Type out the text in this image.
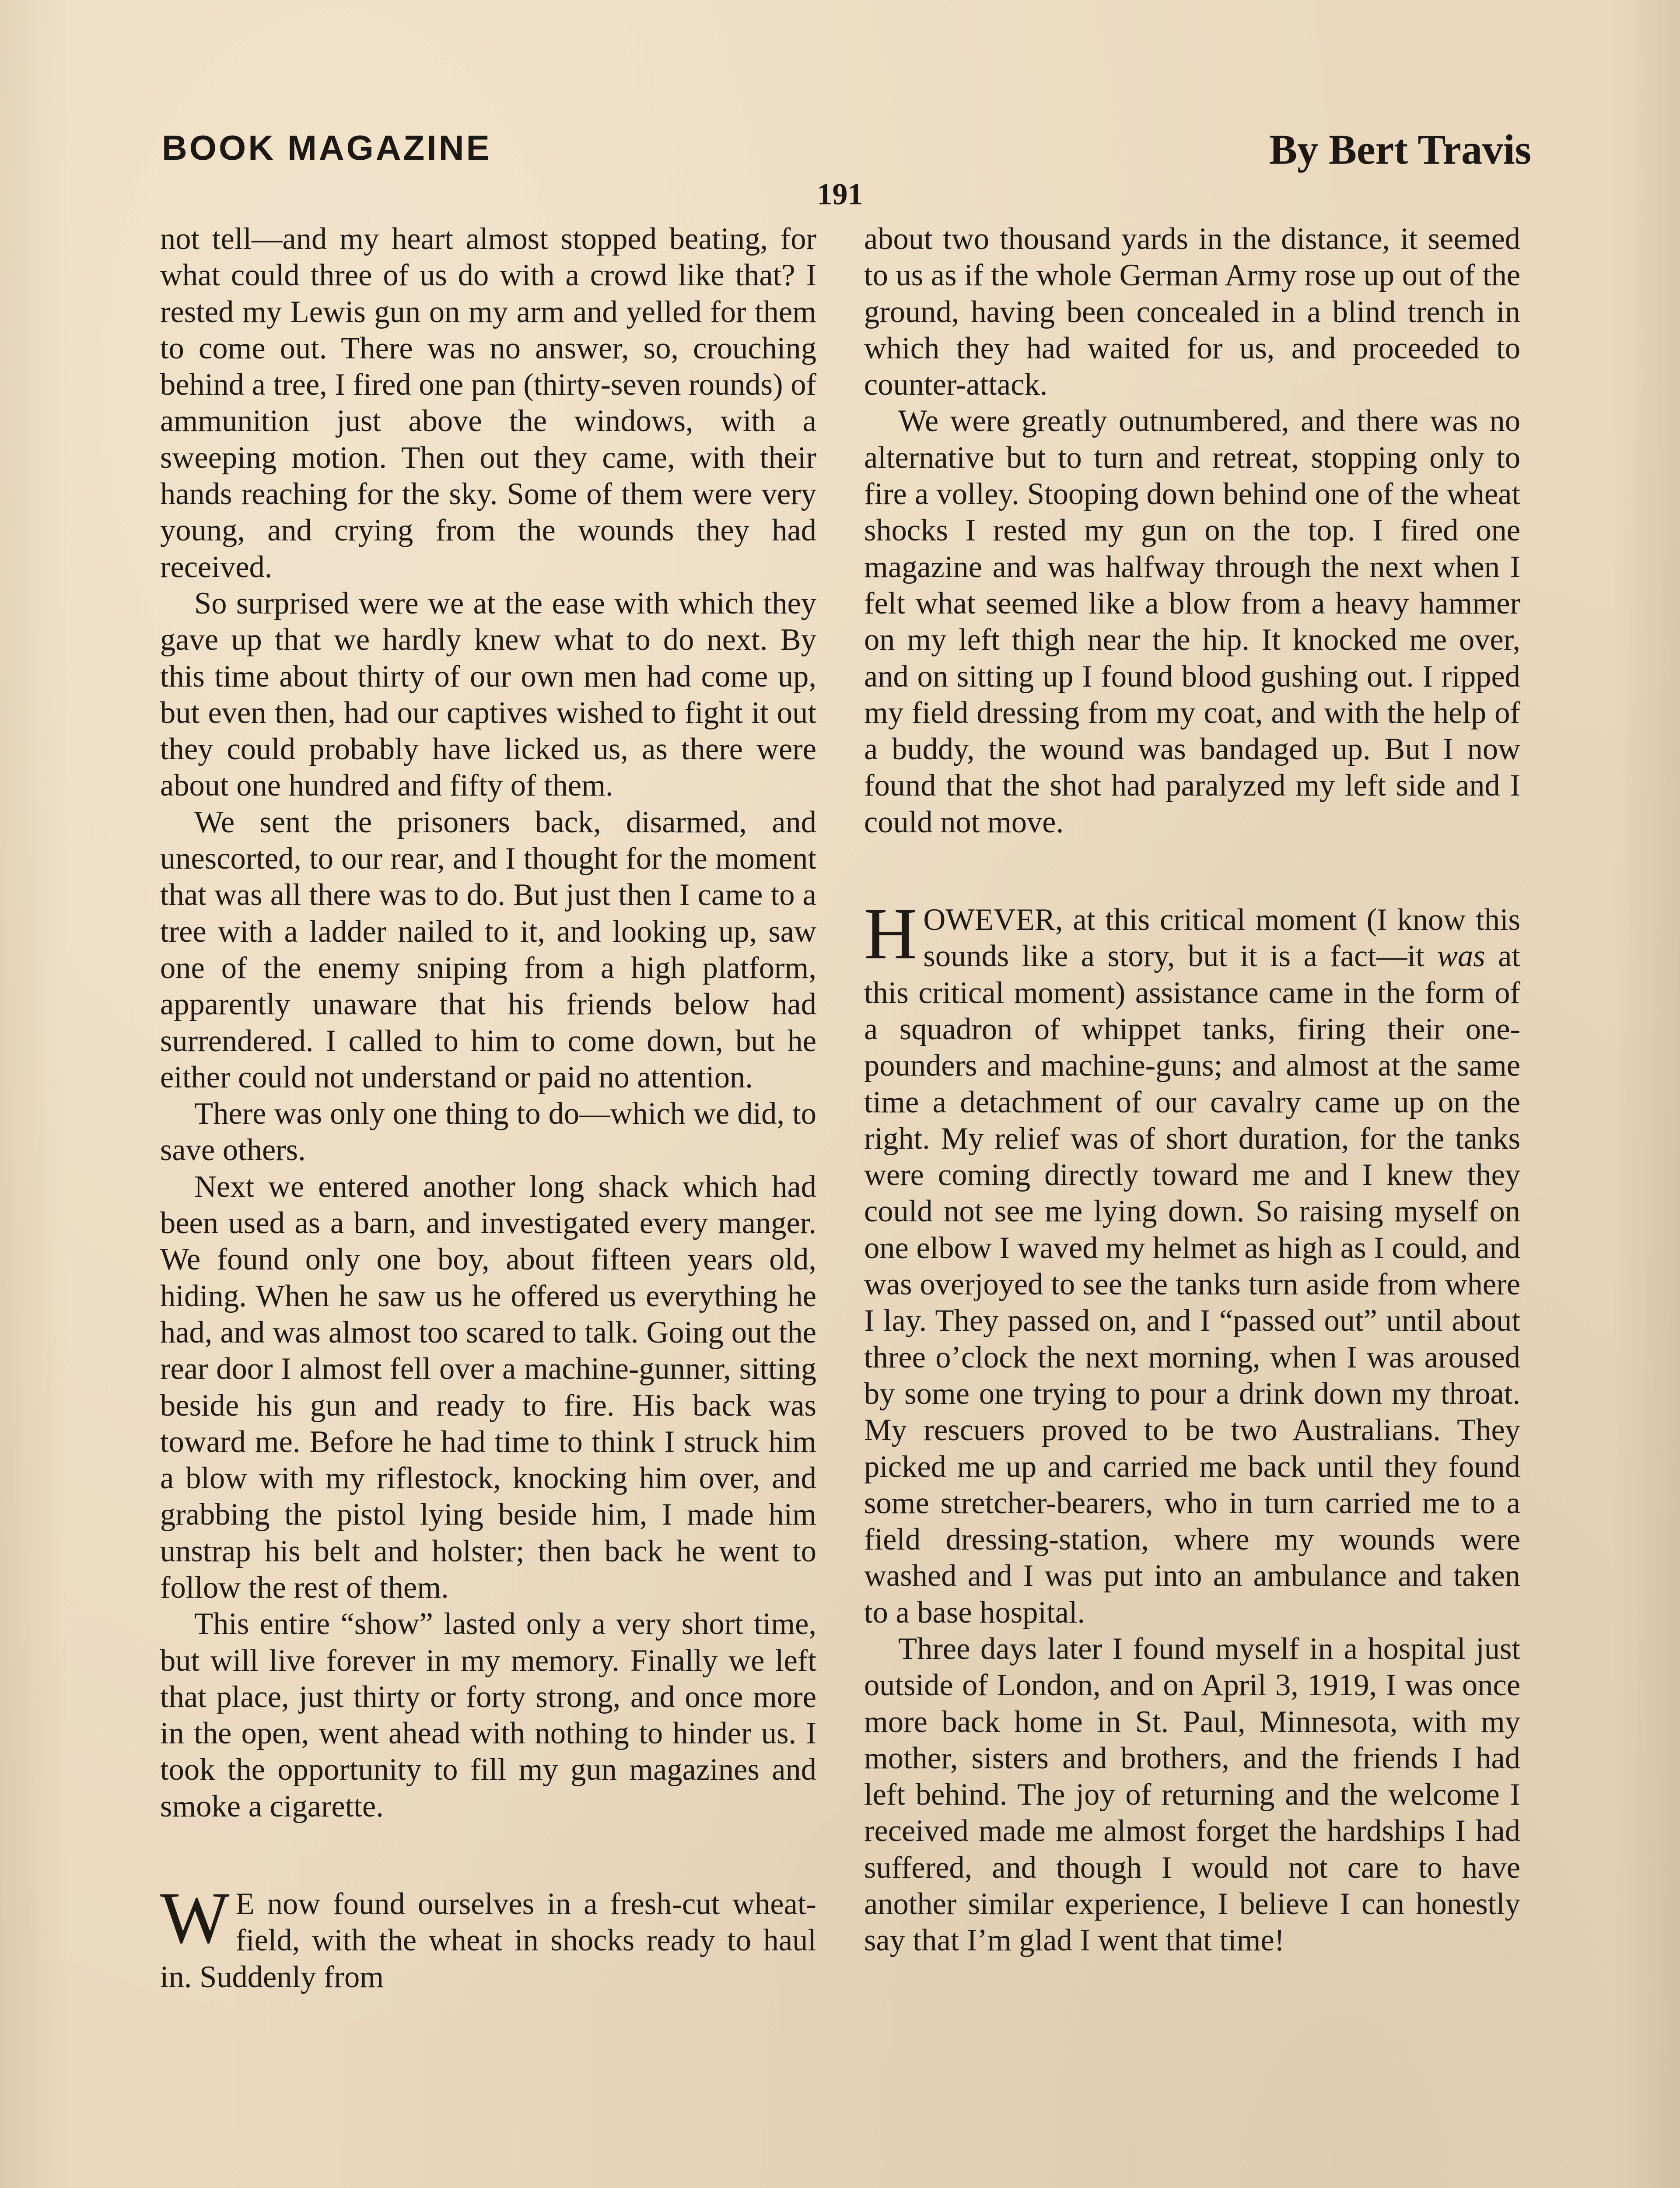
BOOK MAGAZINE	By Bert Travis
191

not tell—and my heart almost stopped beating, for what could three of us do with a crowd like that? I rested my Lewis gun on my arm and yelled for them to come out. There was no answer, so, crouching behind a tree, I fired one pan (thirty-seven rounds) of ammunition just above the windows, with a sweeping motion. Then out they came, with their hands reaching for the sky. Some of them were very young, and crying from the wounds they had received.

So surprised were we at the ease with which they gave up that we hardly knew what to do next. By this time about thirty of our own men had come up, but even then, had our captives wished to fight it out they could probably have licked us, as there were about one hundred and fifty of them.

We sent the prisoners back, disarmed, and unescorted, to our rear, and I thought for the moment that was all there was to do. But just then I came to a tree with a ladder nailed to it, and looking up, saw one of the enemy sniping from a high platform, apparently unaware that his friends below had surrendered. I called to him to come down, but he either could not understand or paid no attention.

There was only one thing to do—which we did, to save others.

Next we entered another long shack which had been used as a barn, and investigated every manger. We found only one boy, about fifteen years old, hiding. When he saw us he offered us everything he had, and was almost too scared to talk. Going out the rear door I almost fell over a machine-gunner, sitting beside his gun and ready to fire. His back was toward me. Before he had time to think I struck him a blow with my riflestock, knocking him over, and grabbing the pistol lying beside him, I made him unstrap his belt and holster; then back he went to follow the rest of them.

This entire “show” lasted only a very short time, but will live forever in my memory. Finally we left that place, just thirty or forty strong, and once more in the open, went ahead with nothing to hinder us. I took the opportunity to fill my gun magazines and smoke a cigarette.

W E now found ourselves in a fresh-cut wheat-field, with the wheat in shocks ready to haul in. Suddenly from

about two thousand yards in the distance, it seemed to us as if the whole German Army rose up out of the ground, having been concealed in a blind trench in which they had waited for us, and proceeded to counter-attack.

We were greatly outnumbered, and there was no alternative but to turn and retreat, stopping only to fire a volley. Stooping down behind one of the wheat shocks I rested my gun on the top. I fired one magazine and was halfway through the next when I felt what seemed like a blow from a heavy hammer on my left thigh near the hip. It knocked me over, and on sitting up I found blood gushing out. I ripped my field dressing from my coat, and with the help of a buddy, the wound was bandaged up. But I now found that the shot had paralyzed my left side and I could not move.

HOWEVER, at this critical moment (I know this sounds like a story, but it is a fact—it was at this critical moment) assistance came in the form of a squadron of whippet tanks, firing their one-pounders and machine-guns; and almost at the same time a detachment of our cavalry came up on the right. My relief was of short duration, for the tanks were coming directly toward me and I knew they could not see me lying down. So raising myself on one elbow I waved my helmet as high as I could, and was overjoyed to see the tanks turn aside from where I lay. They passed on, and I “passed out” until about three o’clock the next morning, when I was aroused by some one trying to pour a drink down my throat. My rescuers proved to be two Australians. They picked me up and carried me back until they found some stretcher-bearers, who in turn carried me to a field dressing-station, where my wounds were washed and I was put into an ambulance and taken to a base hospital.

Three days later I found myself in a hospital just outside of London, and on April 3, 1919, I was once more back home in St. Paul, Minnesota, with my mother, sisters and brothers, and the friends I had left behind. The joy of returning and the welcome I received made me almost forget the hardships I had suffered, and though I would not care to have another similar experience, I believe I can honestly say that I’m glad I went that time!
